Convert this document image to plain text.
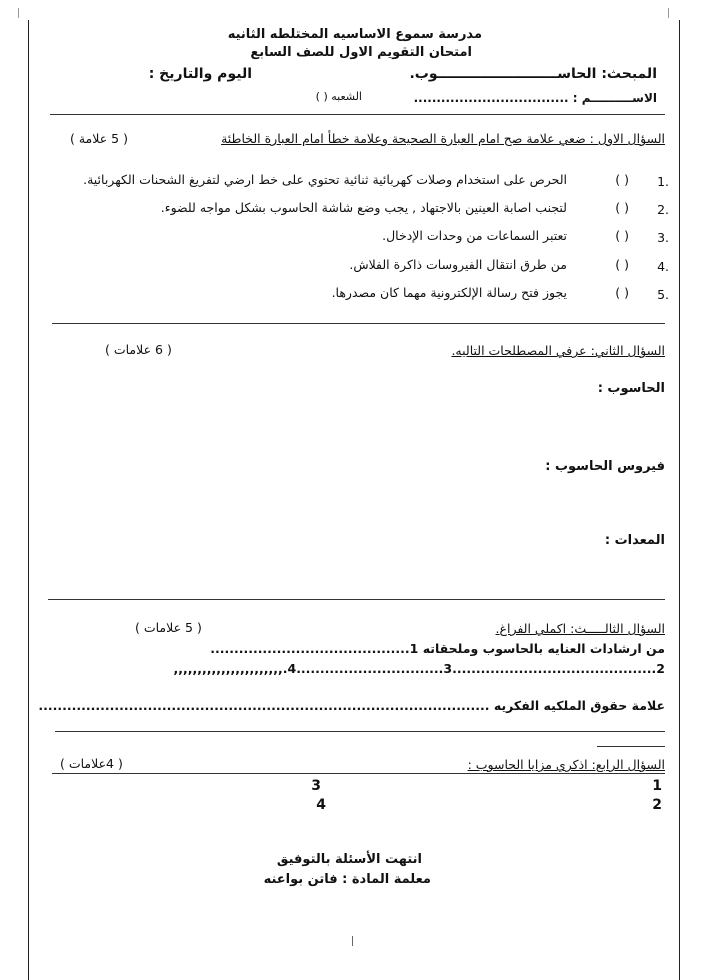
مدرسة سموع الاساسيه المختلطه الثانيه
امتحان التقويم الاول للصف السابع
المبحث: الحاســـــــــــــــــــــــــوب.
اليوم والتاريخ :
الاســــــــــم : ..................................
الشعبه ( )
السؤال الاول : ضعي علامة صح امام العبارة الصحيحة وعلامة خطأ امام العبارة الخاطئة
( 5 علامة )
1.
( )
الحرص على استخدام وصلات كهربائية ثنائية تحتوي على خط ارضي لتفريغ الشحنات الكهربائية.
2.
( )
لتجنب اصابة العينين بالاجتهاد , يجب وضع شاشة الحاسوب بشكل مواجه للضوء.
3.
( )
تعتبر السماعات من وحدات الإدخال.
4.
( )
من طرق انتقال الفيروسات ذاكرة الفلاش.
5.
( )
يجوز فتح رسالة الإلكترونية مهما كان مصدرها.
السؤال الثاني: عرفي المصطلحات التاليه.
( 6 علامات )
الحاسوب :
فيروس الحاسوب :
المعدات :
السؤال الثالـــــث: اكملي الفراغ.
( 5 علامات )
من ارشادات العنايه بالحاسوب وملحقاته 1..........................................
2...........................................3...............................4.,,,,,,,,,,,,,,,,,,,,,,,
علامة حقوق الملكيه الفكريه ...............................................................................................
السؤال الرابع: اذكري مزايا الحاسوب :
( 4علامات )
1
2
3
4
انتهت الأسئلة بالتوفيق
معلمة المادة : فاتن بواعنه
